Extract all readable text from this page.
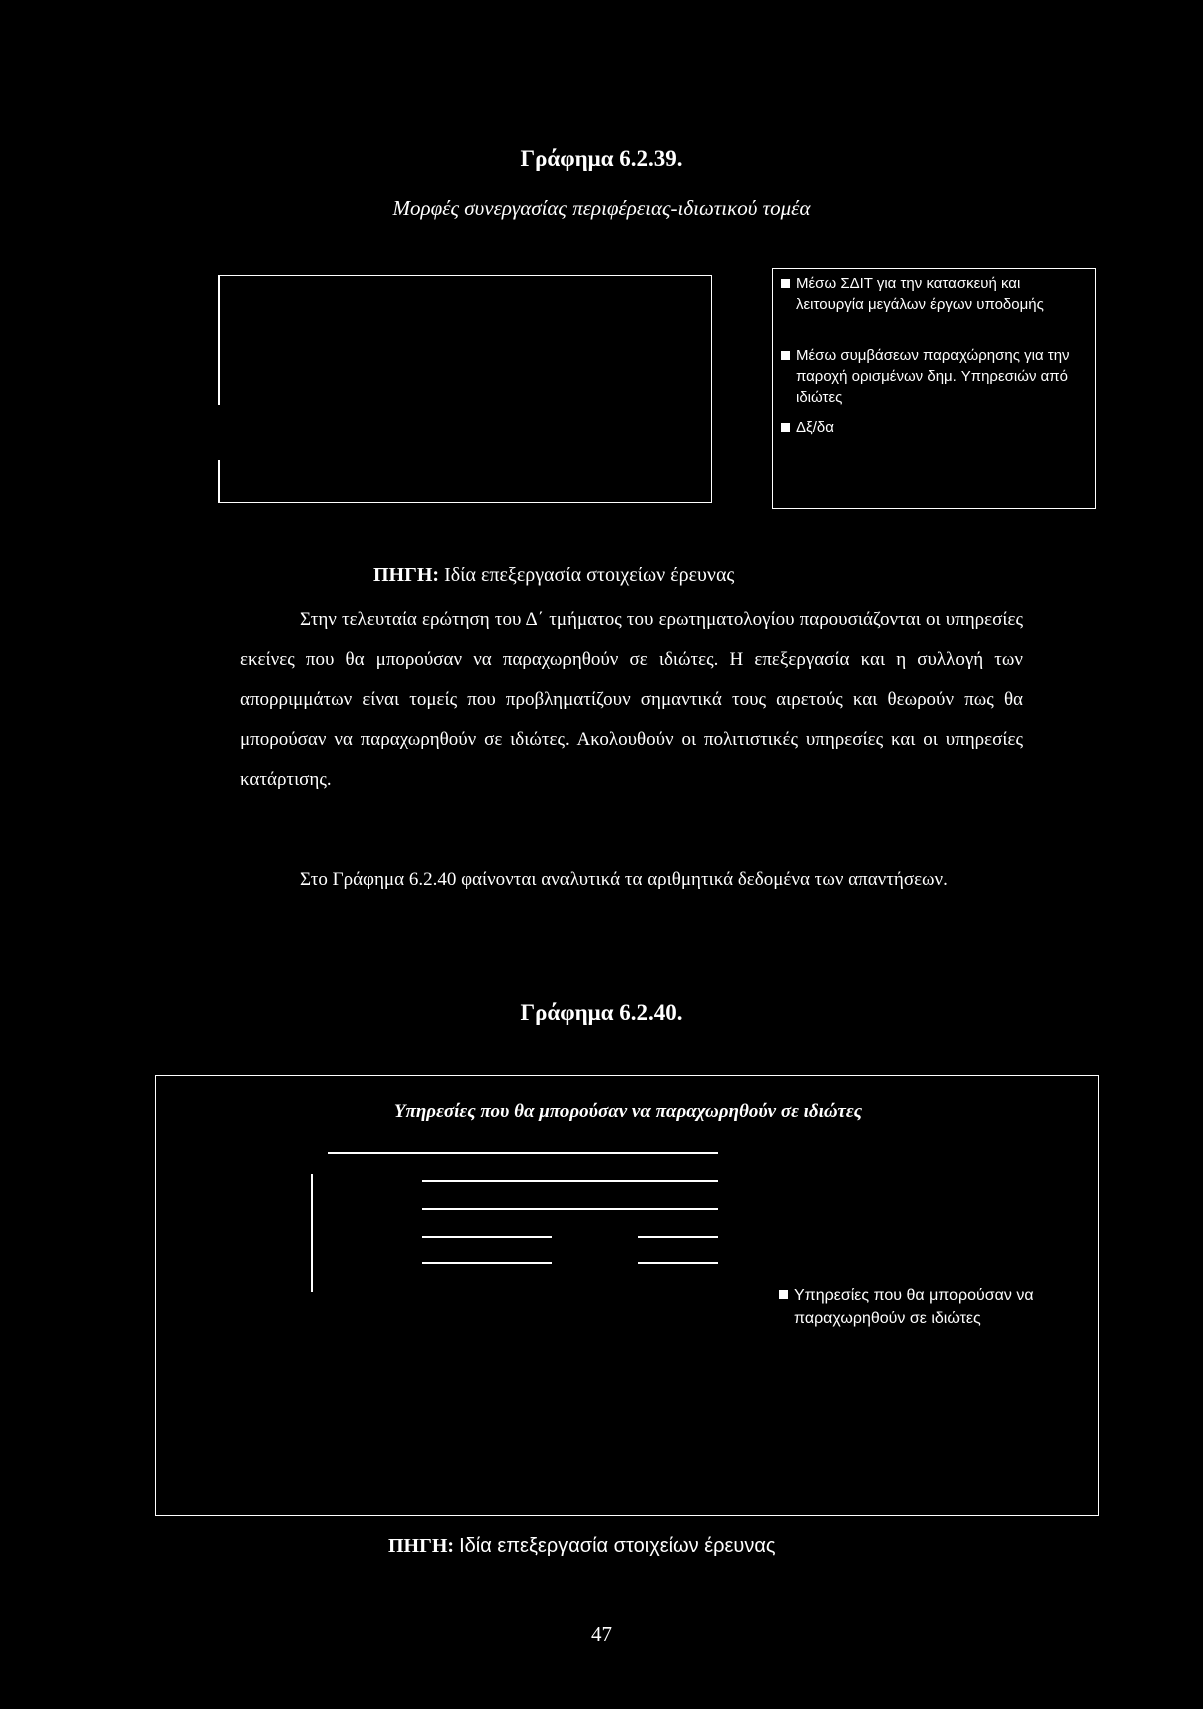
Γράφημα 6.2.39.
Μορφές συνεργασίας περιφέρειας-ιδιωτικού τομέα
Μέσω ΣΔΙΤ για την κατασκευή και λειτουργία μεγάλων έργων υποδομής
Μέσω συμβάσεων παραχώρησης για την παροχή ορισμένων δημ. Υπηρεσιών από ιδιώτες
Δξ/δα
ΠΗΓΗ: Ιδία επεξεργασία στοιχείων έρευνας
Στην τελευταία ερώτηση του Δ΄ τμήματος του ερωτηματολογίου παρουσιάζονται οι υπηρεσίες εκείνες που θα μπορούσαν να παραχωρηθούν σε ιδιώτες. Η επεξεργασία και η συλλογή των απορριμμάτων είναι τομείς που προβληματίζουν σημαντικά τους αιρετούς και θεωρούν πως θα μπορούσαν να παραχωρηθούν σε ιδιώτες. Ακολουθούν οι πολιτιστικές υπηρεσίες και οι υπηρεσίες κατάρτισης.
Στο Γράφημα 6.2.40 φαίνονται αναλυτικά τα αριθμητικά δεδομένα των απαντήσεων.
Γράφημα 6.2.40.
Υπηρεσίες που θα μπορούσαν να παραχωρηθούν σε ιδιώτες
Υπηρεσίες που θα μπορούσαν να παραχωρηθούν σε ιδιώτες
ΠΗΓΗ: Ιδία επεξεργασία στοιχείων έρευνας
47
